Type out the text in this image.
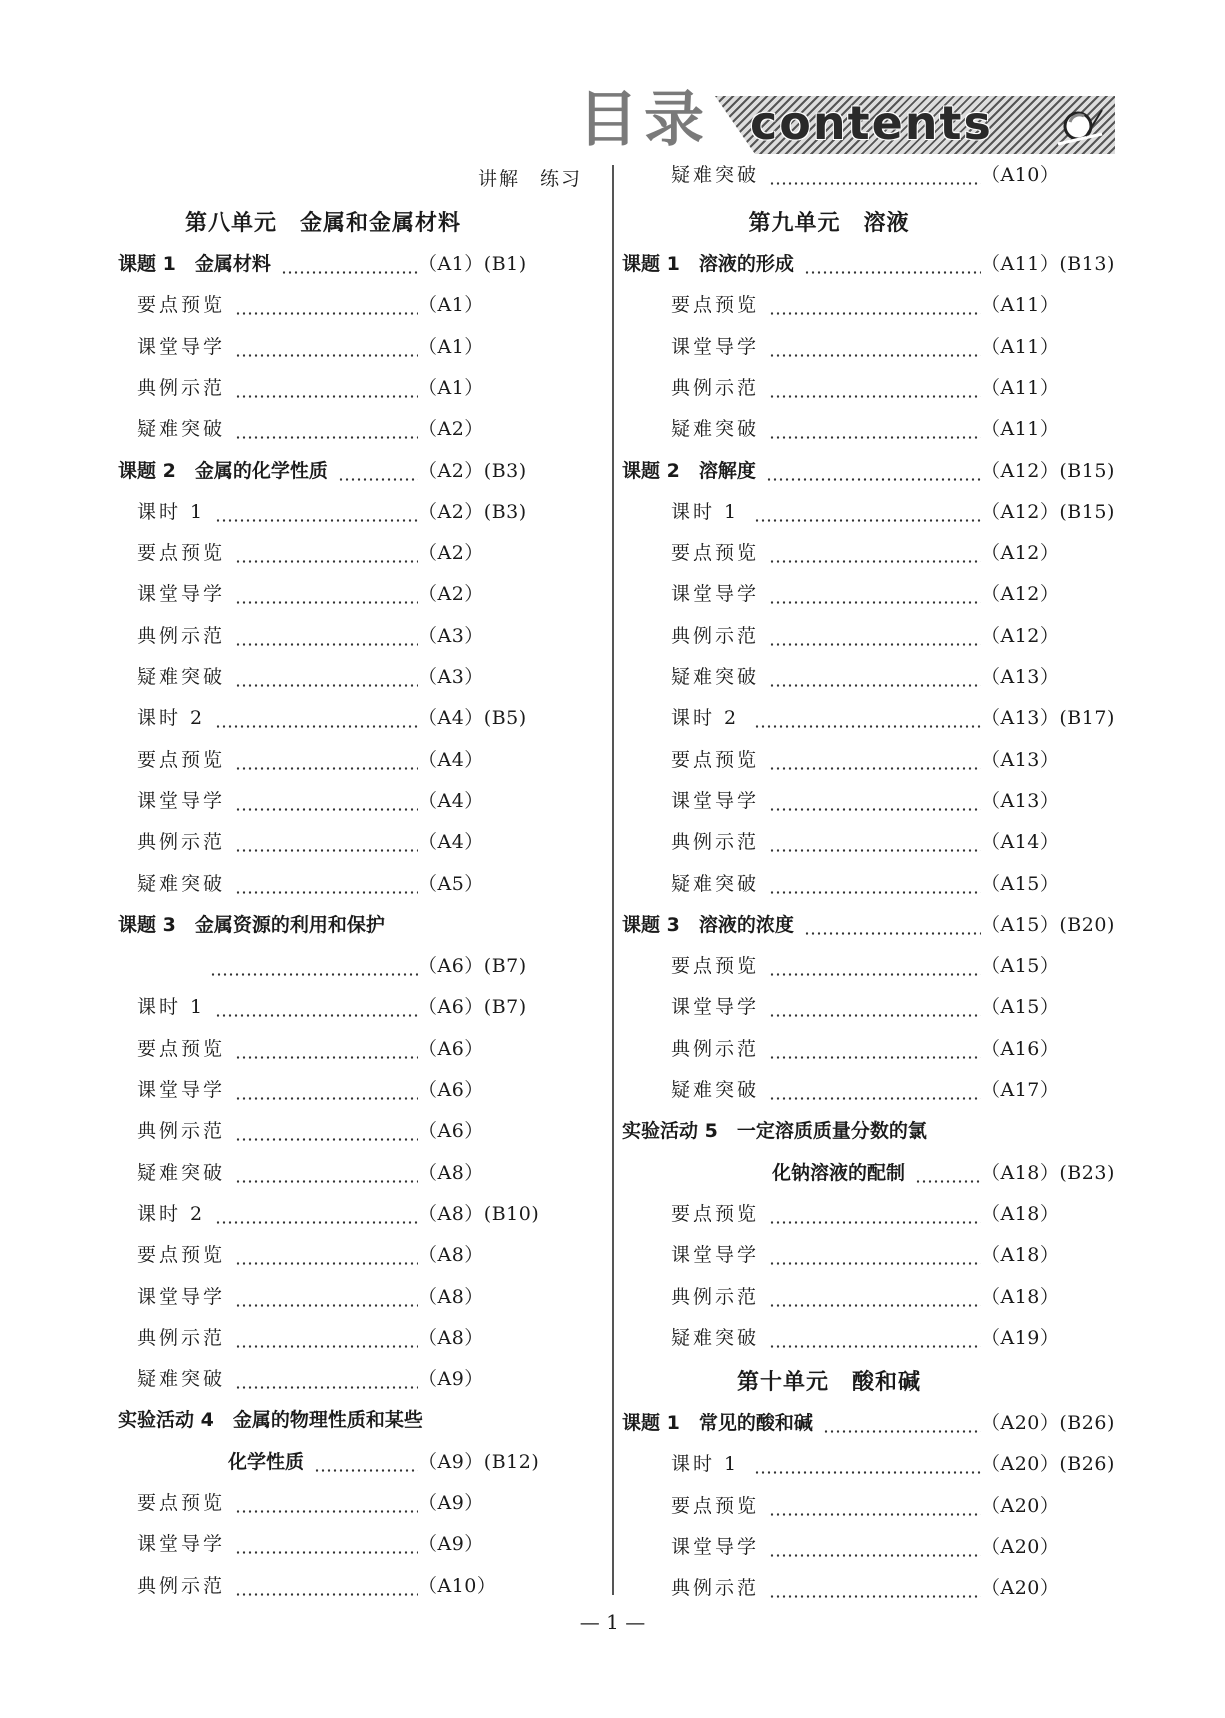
目录 contents
讲解 练习
第八单元　金属和金属材料
课题 1　金属材料	（A1）(B1)
要点预览	（A1）
课堂导学	（A1）
典例示范	（A1）
疑难突破	（A2）
课题 2　金属的化学性质	（A2）(B3)
课时 1	（A2）(B3)
要点预览	（A2）
课堂导学	（A2）
典例示范	（A3）
疑难突破	（A3）
课时 2	（A4）(B5)
要点预览	（A4）
课堂导学	（A4）
典例示范	（A4）
疑难突破	（A5）
课题 3　金属资源的利用和保护
（A6）(B7)
课时 1	（A6）(B7)
要点预览	（A6）
课堂导学	（A6）
典例示范	（A6）
疑难突破	（A8）
课时 2	（A8）(B10)
要点预览	（A8）
课堂导学	（A8）
典例示范	（A8）
疑难突破	（A9）
实验活动 4　金属的物理性质和某些
化学性质	（A9）(B12)
要点预览	（A9）
课堂导学	（A9）
典例示范	（A10）
疑难突破	（A10）
第九单元　溶液
课题 1　溶液的形成	（A11）(B13)
要点预览	（A11）
课堂导学	（A11）
典例示范	（A11）
疑难突破	（A11）
课题 2　溶解度	（A12）(B15)
课时 1	（A12）(B15)
要点预览	（A12）
课堂导学	（A12）
典例示范	（A12）
疑难突破	（A13）
课时 2	（A13）(B17)
要点预览	（A13）
课堂导学	（A13）
典例示范	（A14）
疑难突破	（A15）
课题 3　溶液的浓度	（A15）(B20)
要点预览	（A15）
课堂导学	（A15）
典例示范	（A16）
疑难突破	（A17）
实验活动 5　一定溶质质量分数的氯
化钠溶液的配制	（A18）(B23)
要点预览	（A18）
课堂导学	（A18）
典例示范	（A18）
疑难突破	（A19）
第十单元　酸和碱
课题 1　常见的酸和碱	（A20）(B26)
课时 1	（A20）(B26)
要点预览	（A20）
课堂导学	（A20）
典例示范	（A20）
— 1 —
